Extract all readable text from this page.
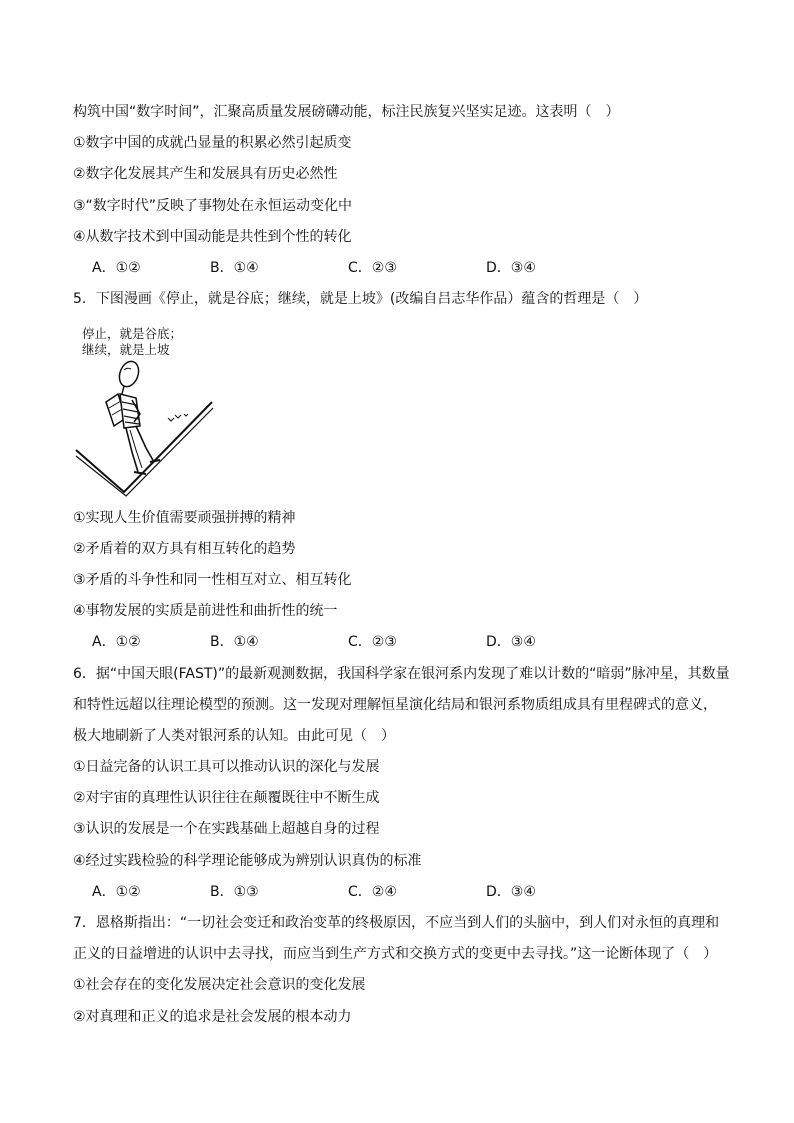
构筑中国“数字时间”，汇聚高质量发展磅礴动能，标注民族复兴坚实足迹。这表明（　）
①数字中国的成就凸显量的积累必然引起质变
②数字化发展其产生和发展具有历史必然性
③“数字时代”反映了事物处在永恒运动变化中
④从数字技术到中国动能是共性到个性的转化
A．①②	B．①④	C．②③	D．③④
5．下图漫画《停止，就是谷底；继续，就是上坡》(改编自吕志华作品）蕴含的哲理是（　）
停止，就是谷底；
继续，就是上坡
①实现人生价值需要顽强拼搏的精神
②矛盾着的双方具有相互转化的趋势
③矛盾的斗争性和同一性相互对立、相互转化
④事物发展的实质是前进性和曲折性的统一
A．①②	B．①④	C．②③	D．③④
6．据“中国天眼(FAST)”的最新观测数据，我国科学家在银河系内发现了难以计数的“暗弱”脉冲星，其数量
和特性远超以往理论模型的预测。这一发现对理解恒星演化结局和银河系物质组成具有里程碑式的意义，
极大地刷新了人类对银河系的认知。由此可见（　）
①日益完备的认识工具可以推动认识的深化与发展
②对宇宙的真理性认识往往在颠覆既往中不断生成
③认识的发展是一个在实践基础上超越自身的过程
④经过实践检验的科学理论能够成为辨别认识真伪的标准
A．①②	B．①③	C．②④	D．③④
7．恩格斯指出：“一切社会变迁和政治变革的终极原因，不应当到人们的头脑中，到人们对永恒的真理和
正义的日益增进的认识中去寻找，而应当到生产方式和交换方式的变更中去寻找。”这一论断体现了（　）
①社会存在的变化发展决定社会意识的变化发展
②对真理和正义的追求是社会发展的根本动力
